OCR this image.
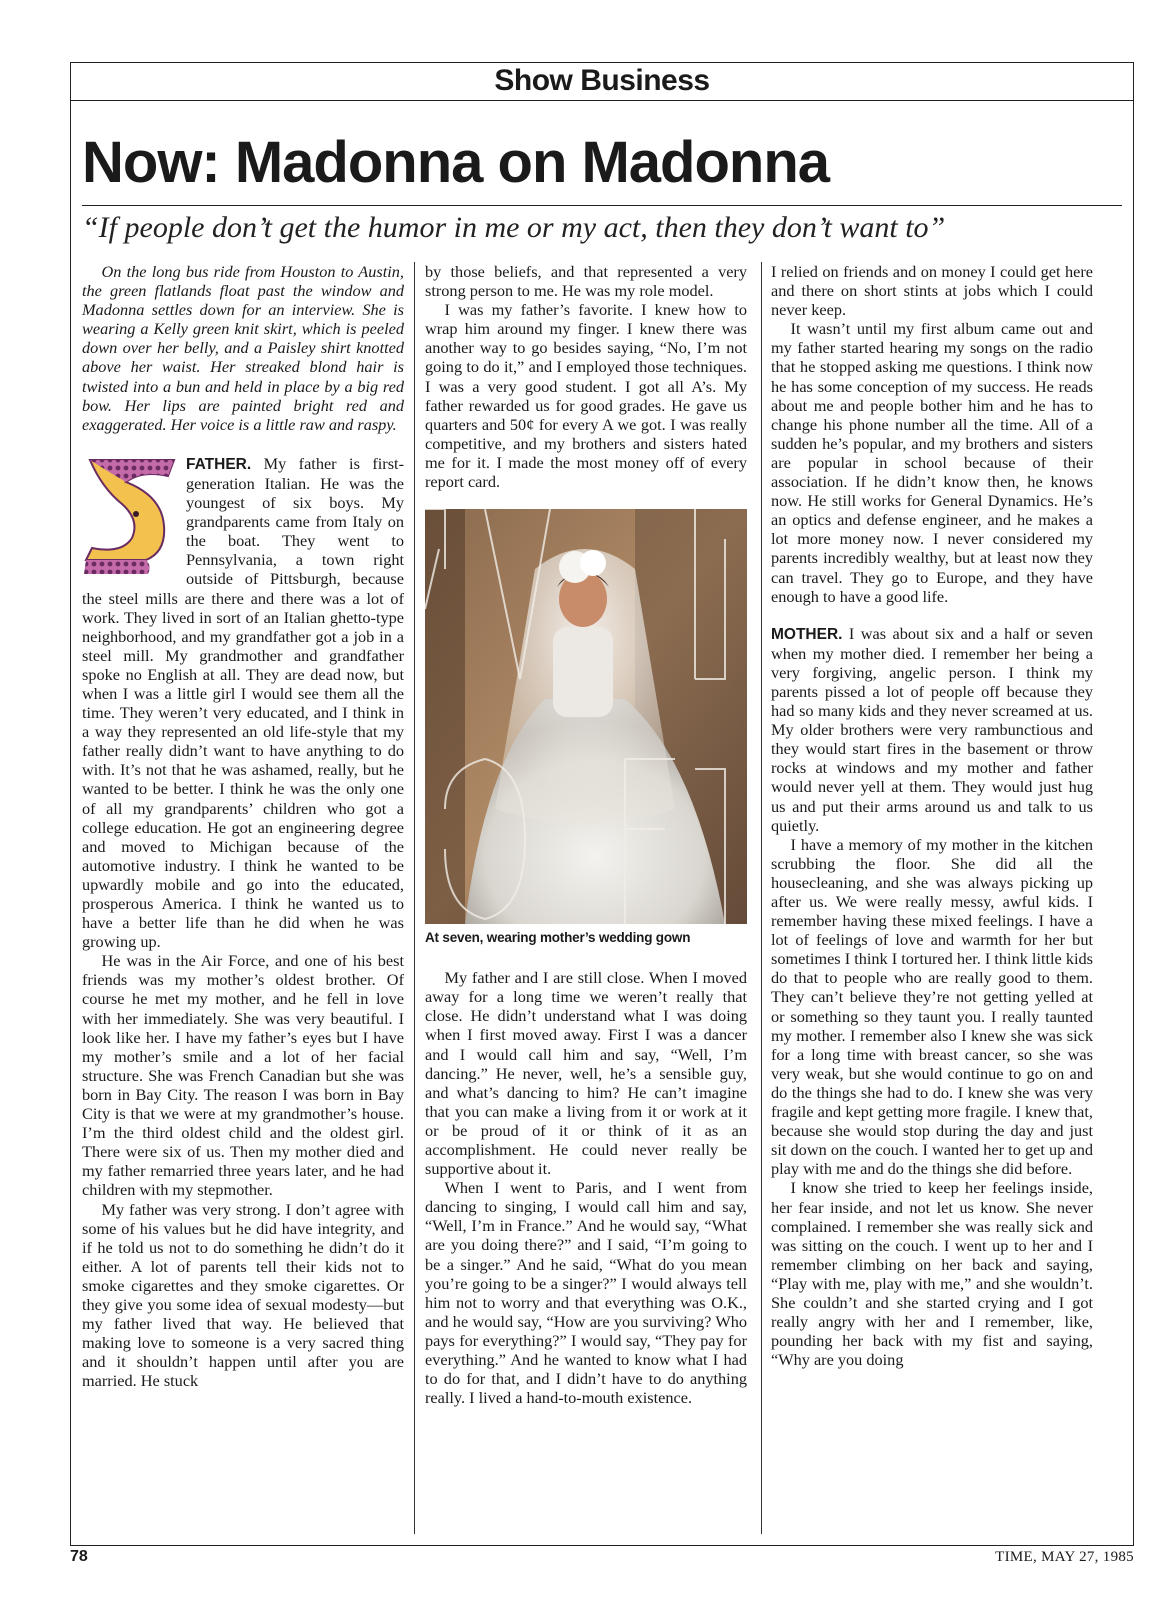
Show Business
Now: Madonna on Madonna
“If people don’t get the humor in me or my act, then they don’t want to”

On the long bus ride from Houston to Austin, the green flatlands float past the window and Madonna settles down for an interview. She is wearing a Kelly green knit skirt, which is peeled down over her belly, and a Paisley shirt knotted above her waist. Her streaked blond hair is twisted into a bun and held in place by a big red bow. Her lips are painted bright red and exaggerated. Her voice is a little raw and raspy.

FATHER. My father is first-generation Italian. He was the youngest of six boys. My grandparents came from Italy on the boat. They went to Pennsylvania, a town right outside of Pittsburgh, because the steel mills are there and there was a lot of work. They lived in sort of an Italian ghetto-type neighborhood, and my grandfather got a job in a steel mill. My grandmother and grandfather spoke no English at all. They are dead now, but when I was a little girl I would see them all the time. They weren’t very educated, and I think in a way they represented an old life-style that my father really didn’t want to have anything to do with. It’s not that he was ashamed, really, but he wanted to be better. I think he was the only one of all my grandparents’ children who got a college education. He got an engineering degree and moved to Michigan because of the automotive industry. I think he wanted to be upwardly mobile and go into the educated, prosperous America. I think he wanted us to have a better life than he did when he was growing up.

He was in the Air Force, and one of his best friends was my mother’s oldest brother. Of course he met my mother, and he fell in love with her immediately. She was very beautiful. I look like her. I have my father’s eyes but I have my mother’s smile and a lot of her facial structure. She was French Canadian but she was born in Bay City. The reason I was born in Bay City is that we were at my grandmother’s house. I’m the third oldest child and the oldest girl. There were six of us. Then my mother died and my father remarried three years later, and he had children with my stepmother.

My father was very strong. I don’t agree with some of his values but he did have integrity, and if he told us not to do something he didn’t do it either. A lot of parents tell their kids not to smoke cigarettes and they smoke cigarettes. Or they give you some idea of sexual modesty—but my father lived that way. He believed that making love to someone is a very sacred thing and it shouldn’t happen until after you are married. He stuck

by those beliefs, and that represented a very strong person to me. He was my role model.

I was my father’s favorite. I knew how to wrap him around my finger. I knew there was another way to go besides saying, “No, I’m not going to do it,” and I employed those techniques. I was a very good student. I got all A’s. My father rewarded us for good grades. He gave us quarters and 50¢ for every A we got. I was really competitive, and my brothers and sisters hated me for it. I made the most money off of every report card.

At seven, wearing mother’s wedding gown

My father and I are still close. When I moved away for a long time we weren’t really that close. He didn’t understand what I was doing when I first moved away. First I was a dancer and I would call him and say, “Well, I’m dancing.” He never, well, he’s a sensible guy, and what’s dancing to him? He can’t imagine that you can make a living from it or work at it or be proud of it or think of it as an accomplishment. He could never really be supportive about it.

When I went to Paris, and I went from dancing to singing, I would call him and say, “Well, I’m in France.” And he would say, “What are you doing there?” and I said, “I’m going to be a singer.” And he said, “What do you mean you’re going to be a singer?” I would always tell him not to worry and that everything was O.K., and he would say, “How are you surviving? Who pays for everything?” I would say, “They pay for everything.” And he wanted to know what I had to do for that, and I didn’t have to do anything really. I lived a hand-to-mouth existence.

I relied on friends and on money I could get here and there on short stints at jobs which I could never keep.

It wasn’t until my first album came out and my father started hearing my songs on the radio that he stopped asking me questions. I think now he has some conception of my success. He reads about me and people bother him and he has to change his phone number all the time. All of a sudden he’s popular, and my brothers and sisters are popular in school because of their association. If he didn’t know then, he knows now. He still works for General Dynamics. He’s an optics and defense engineer, and he makes a lot more money now. I never considered my parents incredibly wealthy, but at least now they can travel. They go to Europe, and they have enough to have a good life.

MOTHER. I was about six and a half or seven when my mother died. I remember her being a very forgiving, angelic person. I think my parents pissed a lot of people off because they had so many kids and they never screamed at us. My older brothers were very rambunctious and they would start fires in the basement or throw rocks at windows and my mother and father would never yell at them. They would just hug us and put their arms around us and talk to us quietly.

I have a memory of my mother in the kitchen scrubbing the floor. She did all the housecleaning, and she was always picking up after us. We were really messy, awful kids. I remember having these mixed feelings. I have a lot of feelings of love and warmth for her but sometimes I think I tortured her. I think little kids do that to people who are really good to them. They can’t believe they’re not getting yelled at or something so they taunt you. I really taunted my mother. I remember also I knew she was sick for a long time with breast cancer, so she was very weak, but she would continue to go on and do the things she had to do. I knew she was very fragile and kept getting more fragile. I knew that, because she would stop during the day and just sit down on the couch. I wanted her to get up and play with me and do the things she did before.

I know she tried to keep her feelings inside, her fear inside, and not let us know. She never complained. I remember she was really sick and was sitting on the couch. I went up to her and I remember climbing on her back and saying, “Play with me, play with me,” and she wouldn’t. She couldn’t and she started crying and I got really angry with her and I remember, like, pounding her back with my fist and saying, “Why are you doing

78	TIME, MAY 27, 1985
